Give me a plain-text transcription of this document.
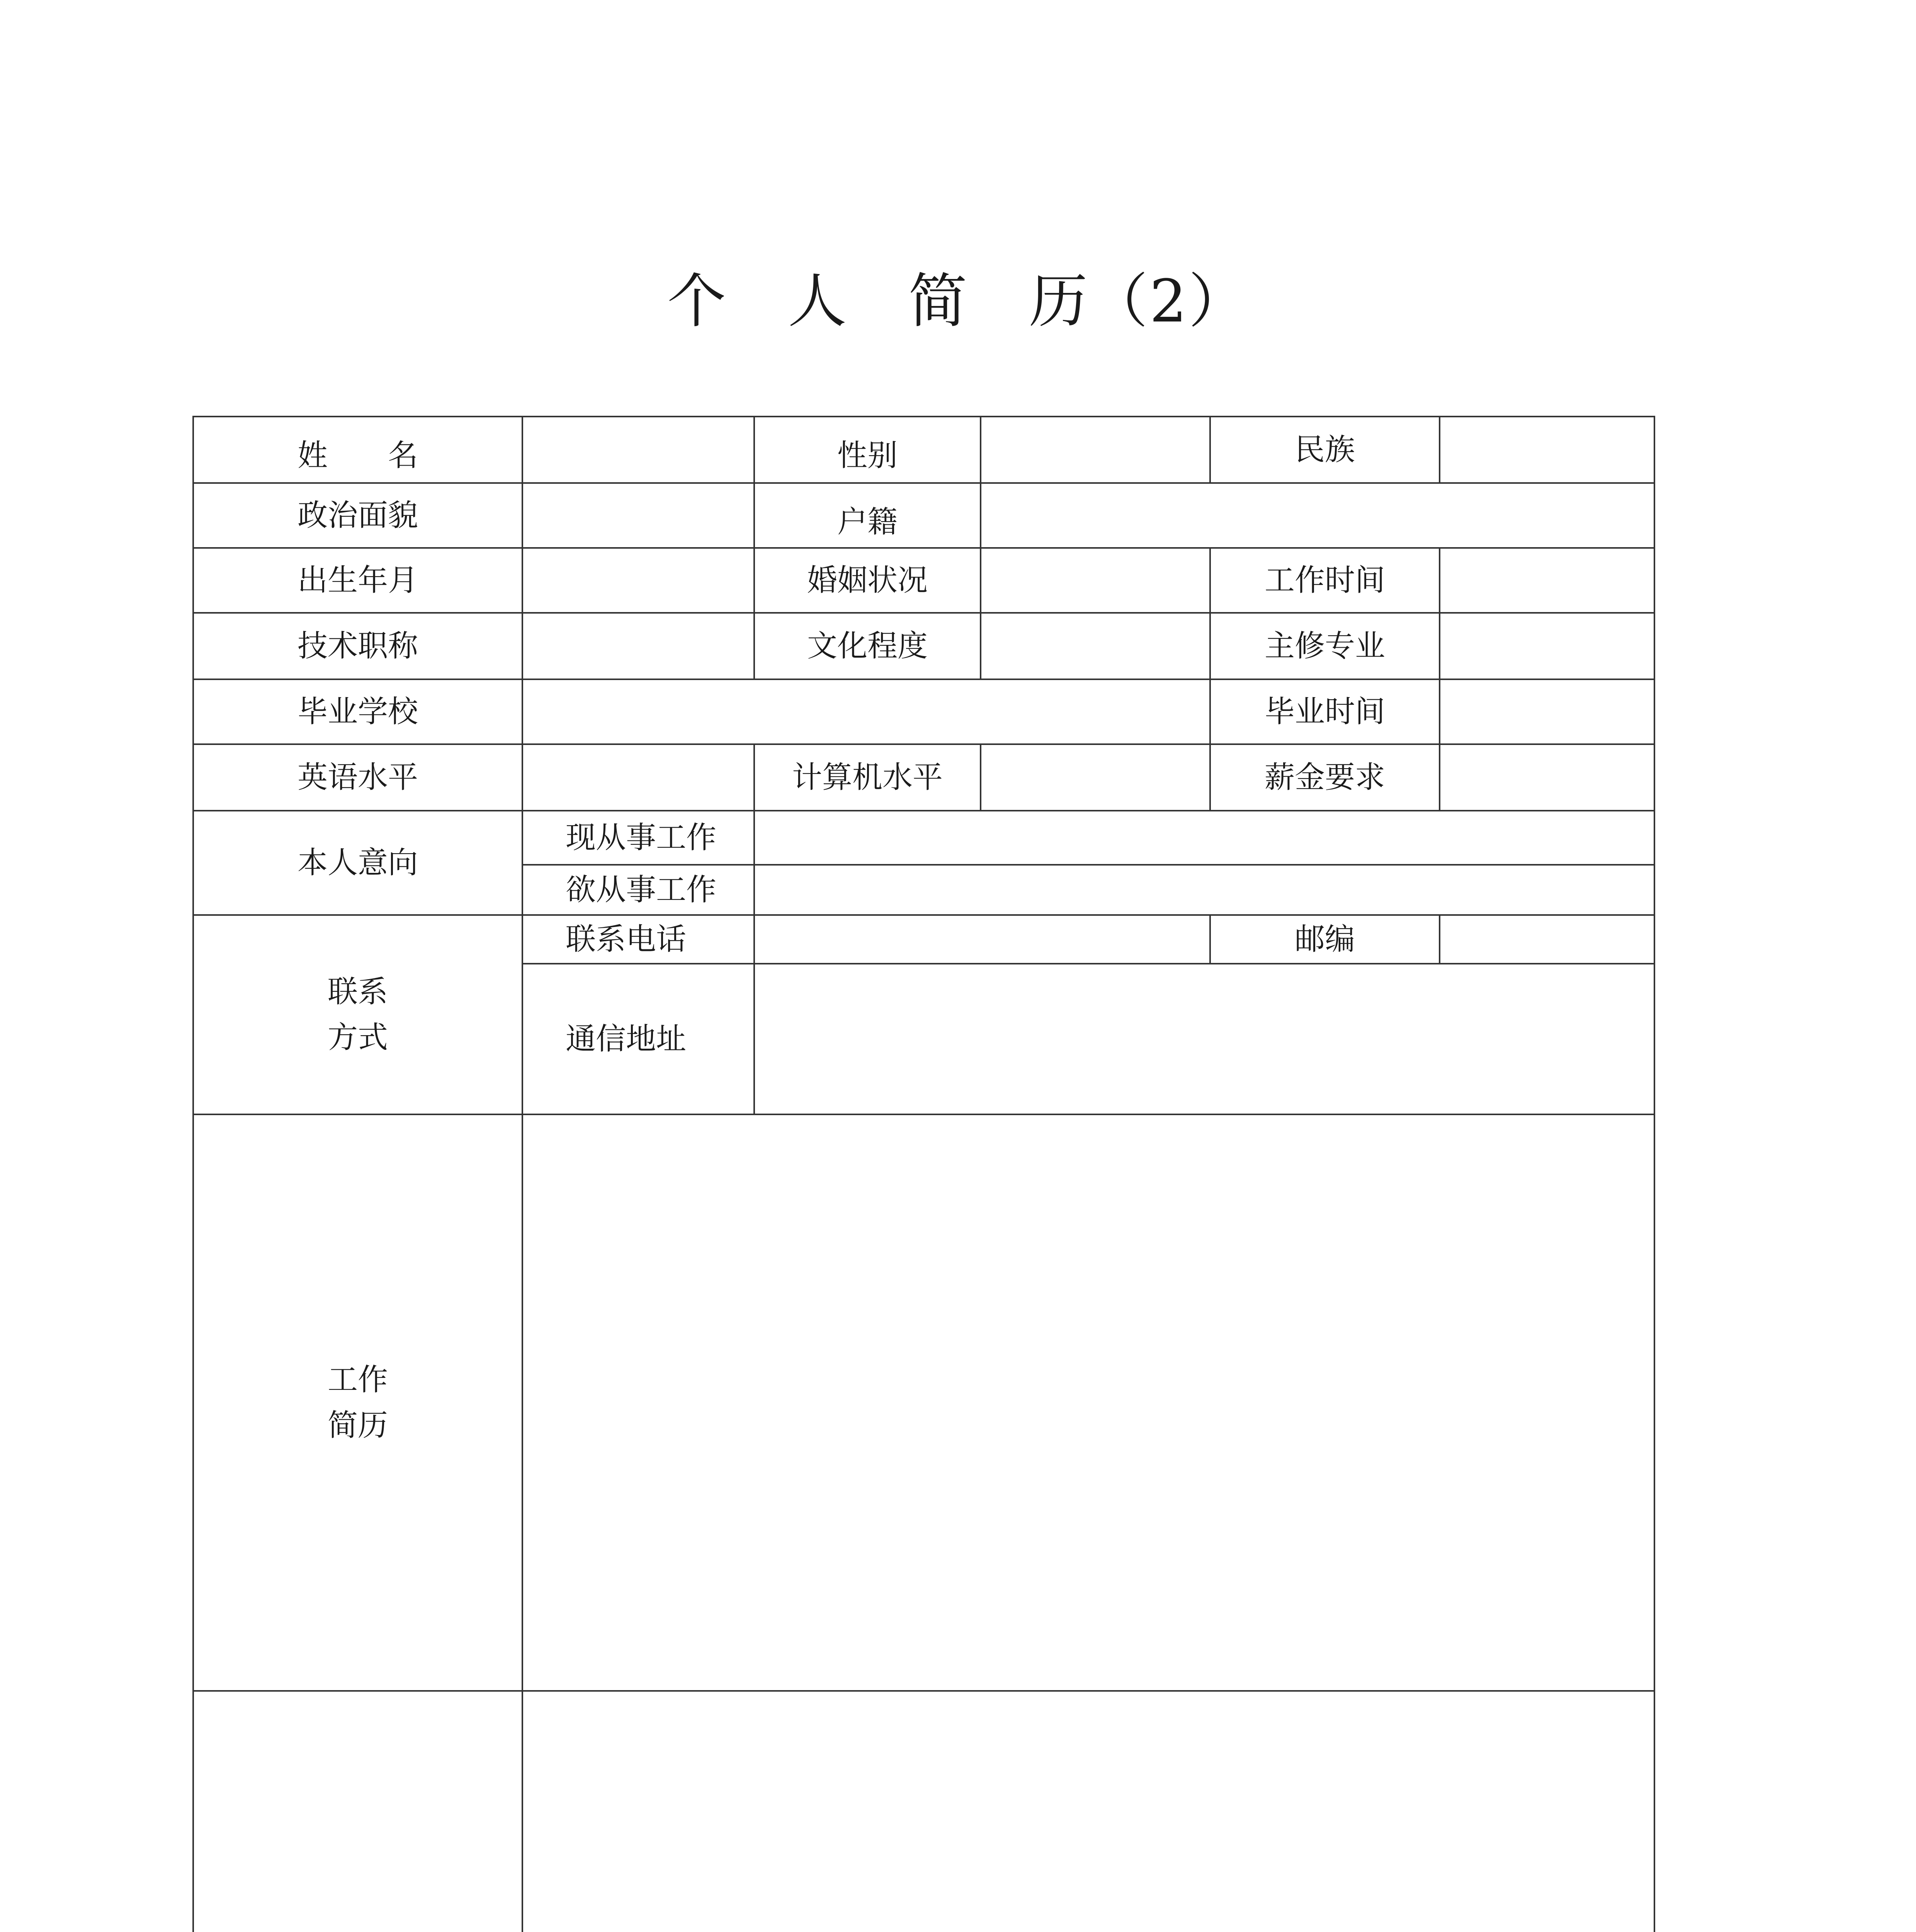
个　人　简　历（2）
姓　　名		性别		民族	
政治面貌		户籍			
出生年月		婚姻状况		工作时间	
技术职称		文化程度		主修专业	
毕业学校				毕业时间	
英语水平		计算机水平		薪金要求	
本人意向	现从事工作				
	欲从事工作				
联系
方式	联系电话			邮编	
	通信地址				
工作
简历					
